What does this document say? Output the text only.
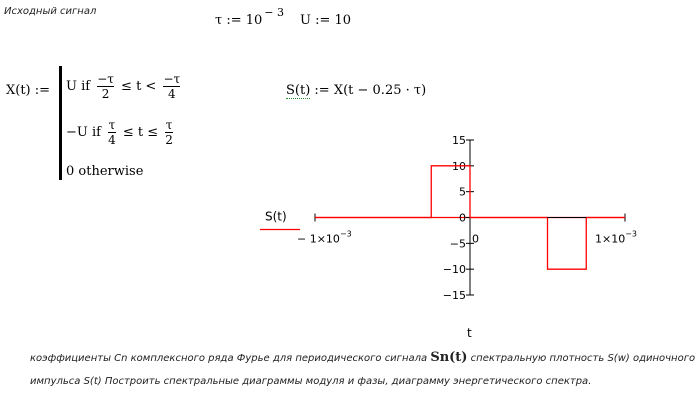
Исходный сигнал
τ := $10^{- 3}$
U := 10
X(t) := U if $\frac{-\tau}{2} \le t < \frac{-\tau}{4}$
−U if $\frac{\tau}{4} \le t \le \frac{\tau}{2}$
0 otherwise
S(t) := X(t − 0.25 · τ)
15
10
5
0
−5
−10
−15
− $1\times 10^{-3}$	$1\times 10^{-3}$
0
S(t)
t
коэффициенты Сn комплексного ряда Фурье для периодического сигнала Sn(t) спектральную плотность S(w) одиночного
импульса S(t) Построить спектральные диаграммы модуля и фазы, диаграмму энергетического спектра.
